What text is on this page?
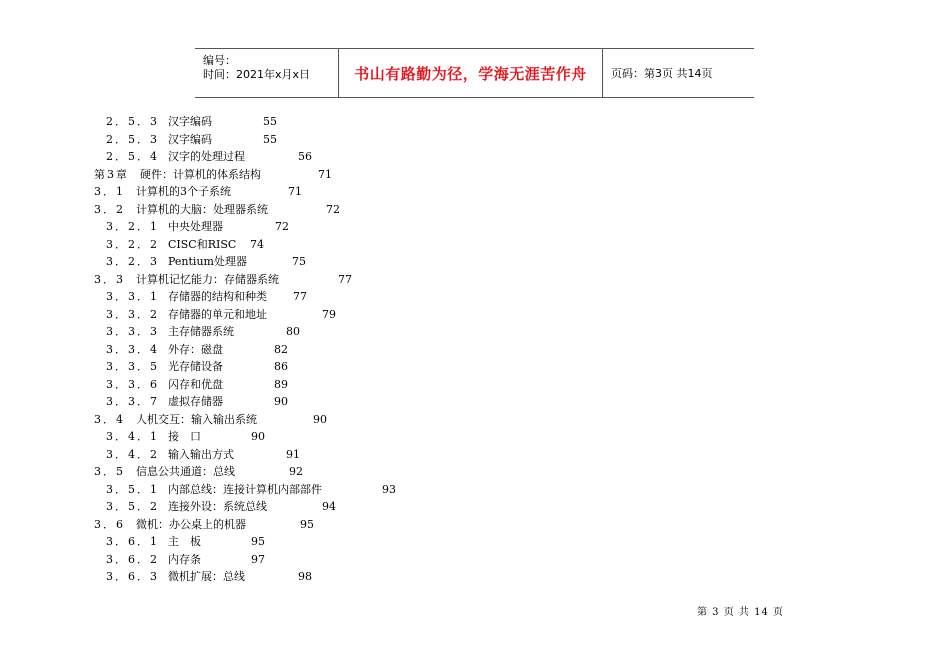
编号：
时间：2021年x月x日	书山有路勤为径，学海无涯苦作舟 页码：第3页 共14页
2．5．3 汉字编码	55
2．5．3 汉字编码	55
2．5．4 汉字的处理过程	56
第3章 硬件：计算机的体系结构	71
3．1 计算机的3个子系统	71
3．2 计算机的大脑：处理器系统	72
3．2．1 中央处理器	72
3．2．2 CISC和RISC 74
3．2．3 Pentium处理器	75
3．3 计算机记忆能力：存储器系统	77
3．3．1 存储器的结构和种类 77
3．3．2 存储器的单元和地址	79
3．3．3 主存储器系统	80
3．3．4 外存：磁盘	82
3．3．5 光存储设备	86
3．3．6 闪存和优盘	89
3．3．7 虚拟存储器	90
3．4 人机交互：输入输出系统	90
3．4．1 接　口	90
3．4．2 输入输出方式	91
3．5 信息公共通道：总线	92
3．5．1 内部总线：连接计算机内部部件	93
3．5．2 连接外设：系统总线	94
3．6 微机：办公桌上的机器	95
3．6．1 主　板	95
3．6．2 内存条	97
3．6．3 微机扩展：总线	98
第 3 页 共 14 页
